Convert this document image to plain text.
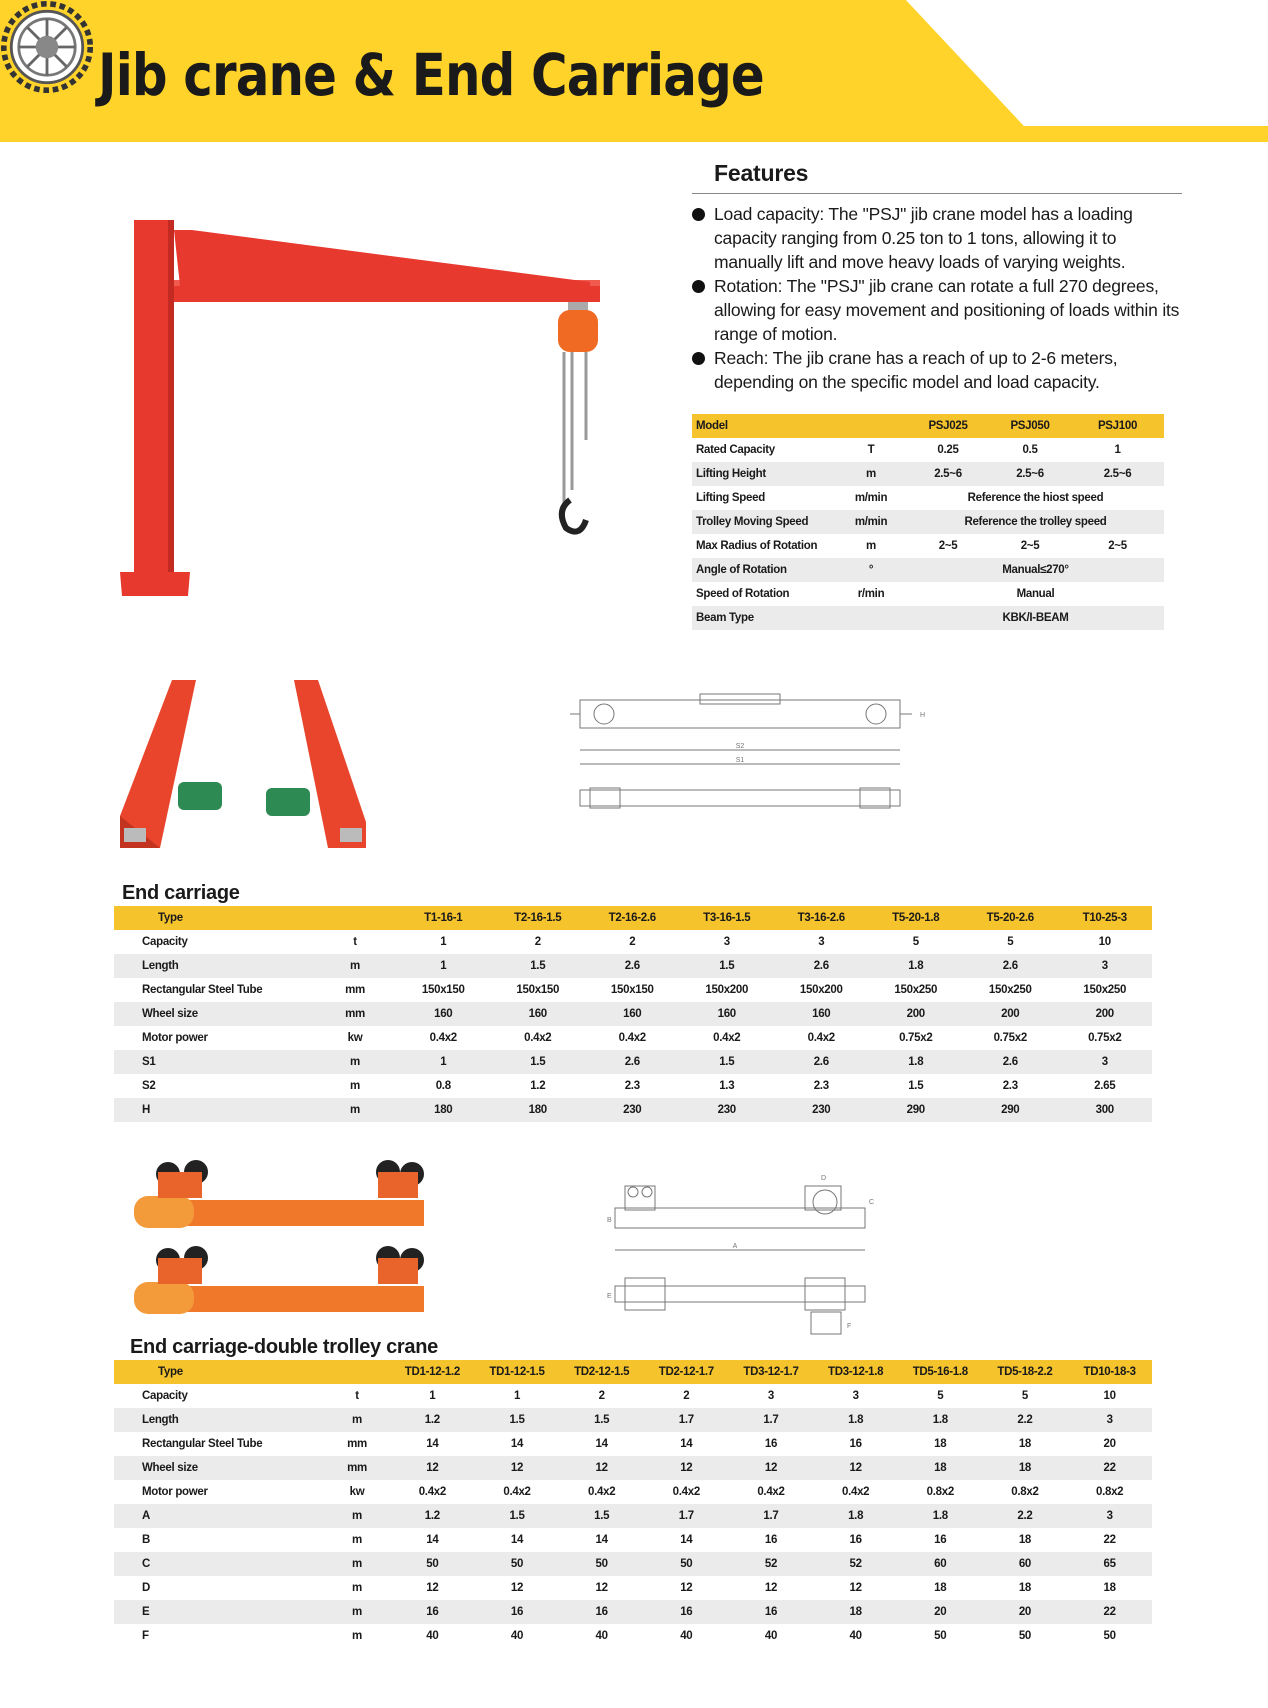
Jib crane & End Carriage
Features
Load capacity: The "PSJ" jib crane model has a loading capacity ranging from 0.25 ton to 1 tons, allowing it to manually lift and move heavy loads of varying weights.
Rotation: The "PSJ" jib crane can rotate a full 270 degrees, allowing for easy movement and positioning of loads within its range of motion.
Reach: The jib crane has a reach of up to 2-6 meters, depending on the specific model and load capacity.
Model		PSJ025	PSJ050	PSJ100
Rated Capacity	T	0.25	0.5	1
Lifting Height	m	2.5~6	2.5~6	2.5~6
Lifting Speed	m/min	Reference the hiost speed		
Trolley Moving Speed	m/min	Reference the trolley speed		
Max Radius of Rotation	m	2~5	2~5	2~5
Angle of Rotation	°	Manual≤270°		
Speed of Rotation	r/min	Manual		
Beam Type		KBK/I-BEAM		
S2
S1
H
End carriage
Type		T1-16-1	T2-16-1.5	T2-16-2.6	T3-16-1.5	T3-16-2.6	T5-20-1.8	T5-20-2.6	T10-25-3
Capacity	t	1	2	2	3	3	5	5	10
Length	m	1	1.5	2.6	1.5	2.6	1.8	2.6	3
Rectangular Steel Tube	mm	150x150	150x150	150x150	150x200	150x200	150x250	150x250	150x250
Wheel size	mm	160	160	160	160	160	200	200	200
Motor power	kw	0.4x2	0.4x2	0.4x2	0.4x2	0.4x2	0.75x2	0.75x2	0.75x2
S1	m	1	1.5	2.6	1.5	2.6	1.8	2.6	3
S2	m	0.8	1.2	2.3	1.3	2.3	1.5	2.3	2.65
H	m	180	180	230	230	230	290	290	300
A
B
C
D
E
F
End carriage-double trolley crane
Type		TD1-12-1.2	TD1-12-1.5	TD2-12-1.5	TD2-12-1.7	TD3-12-1.7	TD3-12-1.8	TD5-16-1.8	TD5-18-2.2	TD10-18-3
Capacity	t	1	1	2	2	3	3	5	5	10
Length	m	1.2	1.5	1.5	1.7	1.7	1.8	1.8	2.2	3
Rectangular Steel Tube	mm	14	14	14	14	16	16	18	18	20
Wheel size	mm	12	12	12	12	12	12	18	18	22
Motor power	kw	0.4x2	0.4x2	0.4x2	0.4x2	0.4x2	0.4x2	0.8x2	0.8x2	0.8x2
A	m	1.2	1.5	1.5	1.7	1.7	1.8	1.8	2.2	3
B	m	14	14	14	14	16	16	16	18	22
C	m	50	50	50	50	52	52	60	60	65
D	m	12	12	12	12	12	12	18	18	18
E	m	16	16	16	16	16	18	20	20	22
F	m	40	40	40	40	40	40	50	50	50
